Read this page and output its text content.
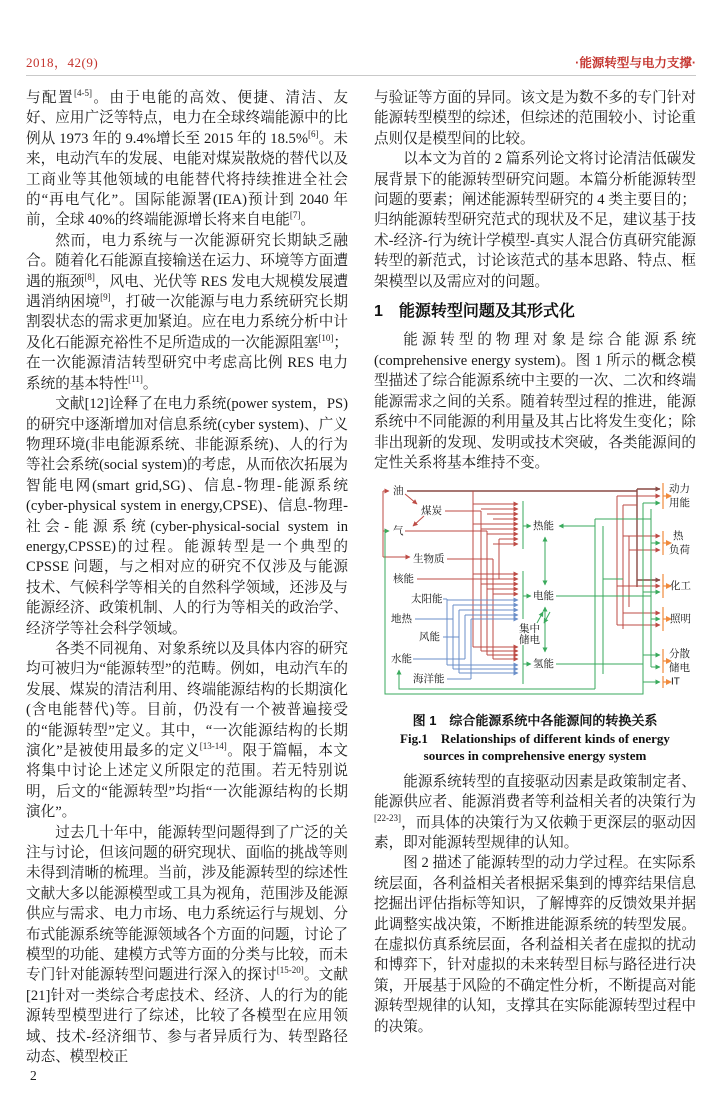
2018，42(9)	·能源转型与电力支撑·

与配置[4-5]。由于电能的高效、便捷、清洁、友好、应用广泛等特点，电力在全球终端能源中的比例从 1973 年的 9.4%增长至 2015 年的 18.5%[6]。未来，电动汽车的发展、电能对煤炭散烧的替代以及工商业等其他领域的电能替代将持续推进全社会的“再电气化”。国际能源署(IEA)预计到 2040 年前，全球 40%的终端能源增长将来自电能[7]。

然而，电力系统与一次能源研究长期缺乏融合。随着化石能源直接输送在运力、环境等方面遭遇的瓶颈[8]，风电、光伏等 RES 发电大规模发展遭遇消纳困境[9]，打破一次能源与电力系统研究长期割裂状态的需求更加紧迫。应在电力系统分析中计及化石能源充裕性不足所造成的一次能源阻塞[10]；在一次能源清洁转型研究中考虑高比例 RES 电力系统的基本特性[11]。

文献[12]诠释了在电力系统(power system，PS)的研究中逐渐增加对信息系统(cyber system)、广义物理环境(非电能源系统、非能源系统)、人的行为等社会系统(social system)的考虑，从而依次拓展为智能电网(smart grid,SG)、信息-物理-能源系统(cyber-physical system in energy,CPSE)、信息-物理-社会-能源系统(cyber-physical-social system in energy,CPSSE)的过程。能源转型是一个典型的 CPSSE 问题，与之相对应的研究不仅涉及与能源技术、气候科学等相关的自然科学领域，还涉及与能源经济、政策机制、人的行为等相关的政治学、经济学等社会科学领域。

各类不同视角、对象系统以及具体内容的研究均可被归为“能源转型”的范畴。例如，电动汽车的发展、煤炭的清洁利用、终端能源结构的长期演化(含电能替代)等。目前，仍没有一个被普遍接受的“能源转型”定义。其中，“一次能源结构的长期演化”是被使用最多的定义[13-14]。限于篇幅，本文将集中讨论上述定义所限定的范围。若无特别说明，后文的“能源转型”均指“一次能源结构的长期演化”。

过去几十年中，能源转型问题得到了广泛的关注与讨论，但该问题的研究现状、面临的挑战等则未得到清晰的梳理。当前，涉及能源转型的综述性文献大多以能源模型或工具为视角，范围涉及能源供应与需求、电力市场、电力系统运行与规划、分布式能源系统等能源领域各个方面的问题，讨论了模型的功能、建模方式等方面的分类与比较，而未专门针对能源转型问题进行深入的探讨[15-20]。文献[21]针对一类综合考虑技术、经济、人的行为的能源转型模型进行了综述，比较了各模型在应用领域、技术-经济细节、参与者异质行为、转型路径动态、模型校正

与验证等方面的异同。该文是为数不多的专门针对能源转型模型的综述，但综述的范围较小、讨论重点则仅是模型间的比较。

以本文为首的 2 篇系列论文将讨论清洁低碳发展背景下的能源转型研究问题。本篇分析能源转型问题的要素；阐述能源转型研究的 4 类主要目的；归纳能源转型研究范式的现状及不足，建议基于技术-经济-行为统计学模型-真实人混合仿真研究能源转型的新范式，讨论该范式的基本思路、特点、框架模型以及需应对的问题。

1 能源转型问题及其形式化

能源转型的物理对象是综合能源系统(comprehensive energy system)。图 1 所示的概念模型描述了综合能源系统中主要的一次、二次和终端能源需求之间的关系。随着转型过程的推进，能源系统中不同能源的利用量及其占比将发生变化；除非出现新的发现、发明或技术突破，各类能源间的定性关系将基本维持不变。

油
煤炭
气
生物质
核能
太阳能
地热
风能
水能
海洋能
热能
电能
集中
储电
氢能
动力
用能
热
负荷
化工
照明
分散
储电
IT
图 1　综合能源系统中各能源间的转换关系
Fig.1　Relationships of different kinds of energy
sources in comprehensive energy system

能源系统转型的直接驱动因素是政策制定者、能源供应者、能源消费者等利益相关者的决策行为[22-23]，而具体的决策行为又依赖于更深层的驱动因素，即对能源转型规律的认知。

图 2 描述了能源转型的动力学过程。在实际系统层面，各利益相关者根据采集到的博弈结果信息挖掘出评估指标等知识，了解博弈的反馈效果并据此调整实战决策，不断推进能源系统的转型发展。在虚拟仿真系统层面，各利益相关者在虚拟的扰动和博弈下，针对虚拟的未来转型目标与路径进行决策，开展基于风险的不确定性分析，不断提高对能源转型规律的认知，支撑其在实际能源转型过程中的决策。

2
